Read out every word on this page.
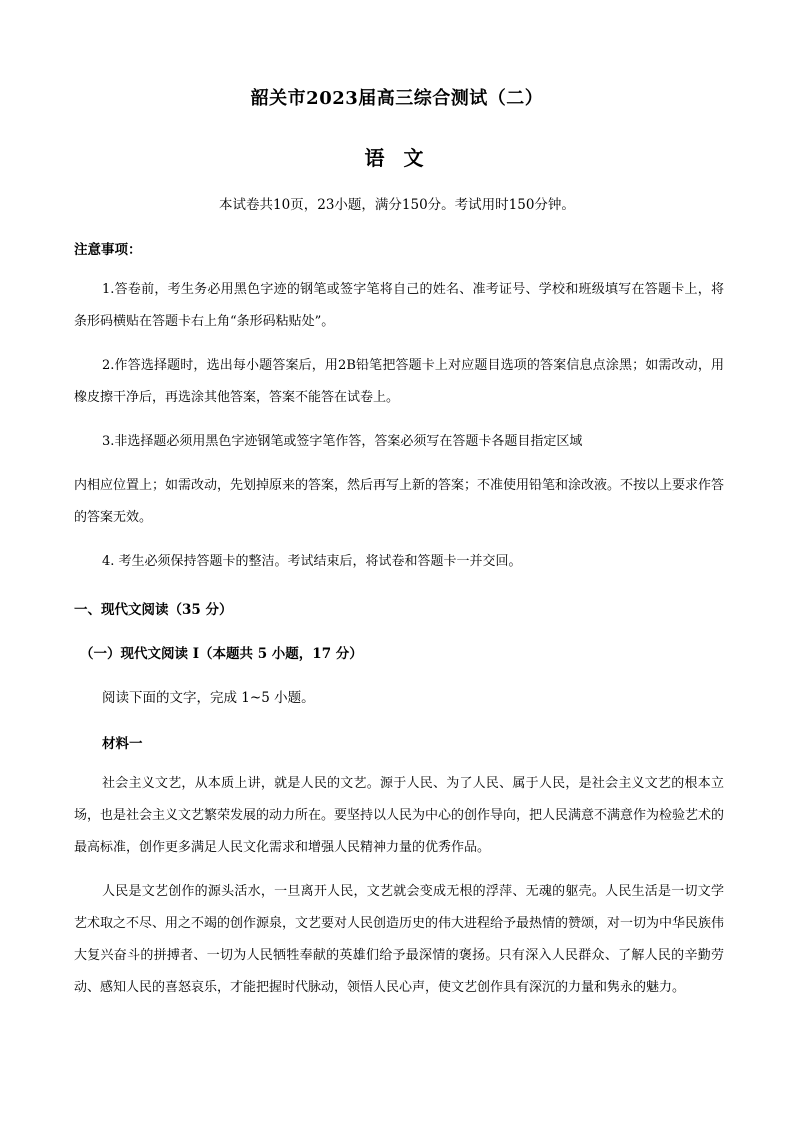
韶关市2023届高三综合测试（二）
语 文
本试卷共10页，23小题，满分150分。考试用时150分钟。
注意事项：
1.答卷前，考生务必用黑色字迹的钢笔或签字笔将自己的姓名、准考证号、学校和班级填写在答题卡上，将条形码横贴在答题卡右上角“条形码粘贴处”。
2.作答选择题时，选出每小题答案后，用2B铅笔把答题卡上对应题目选项的答案信息点涂黑；如需改动，用橡皮擦干净后，再选涂其他答案，答案不能答在试卷上。
3.非选择题必须用黑色字迹钢笔或签字笔作答，答案必须写在答题卡各题目指定区域
内相应位置上；如需改动，先划掉原来的答案，然后再写上新的答案；不准使用铅笔和涂改液。不按以上要求作答的答案无效。
4. 考生必须保持答题卡的整洁。考试结束后，将试卷和答题卡一并交回。
一、现代文阅读（35 分）
（一）现代文阅读 I（本题共 5 小题，17 分）
阅读下面的文字，完成 1~5 小题。
材料一
社会主义文艺，从本质上讲，就是人民的文艺。源于人民、为了人民、属于人民，是社会主义文艺的根本立场，也是社会主义文艺繁荣发展的动力所在。要坚持以人民为中心的创作导向，把人民满意不满意作为检验艺术的最高标准，创作更多满足人民文化需求和增强人民精神力量的优秀作品。
人民是文艺创作的源头活水，一旦离开人民，文艺就会变成无根的浮萍、无魂的躯壳。人民生活是一切文学艺术取之不尽、用之不竭的创作源泉，文艺要对人民创造历史的伟大进程给予最热情的赞颂，对一切为中华民族伟大复兴奋斗的拼搏者、一切为人民牺牲奉献的英雄们给予最深情的褒扬。只有深入人民群众、了解人民的辛勤劳动、感知人民的喜怒哀乐，才能把握时代脉动，领悟人民心声，使文艺创作具有深沉的力量和隽永的魅力。
